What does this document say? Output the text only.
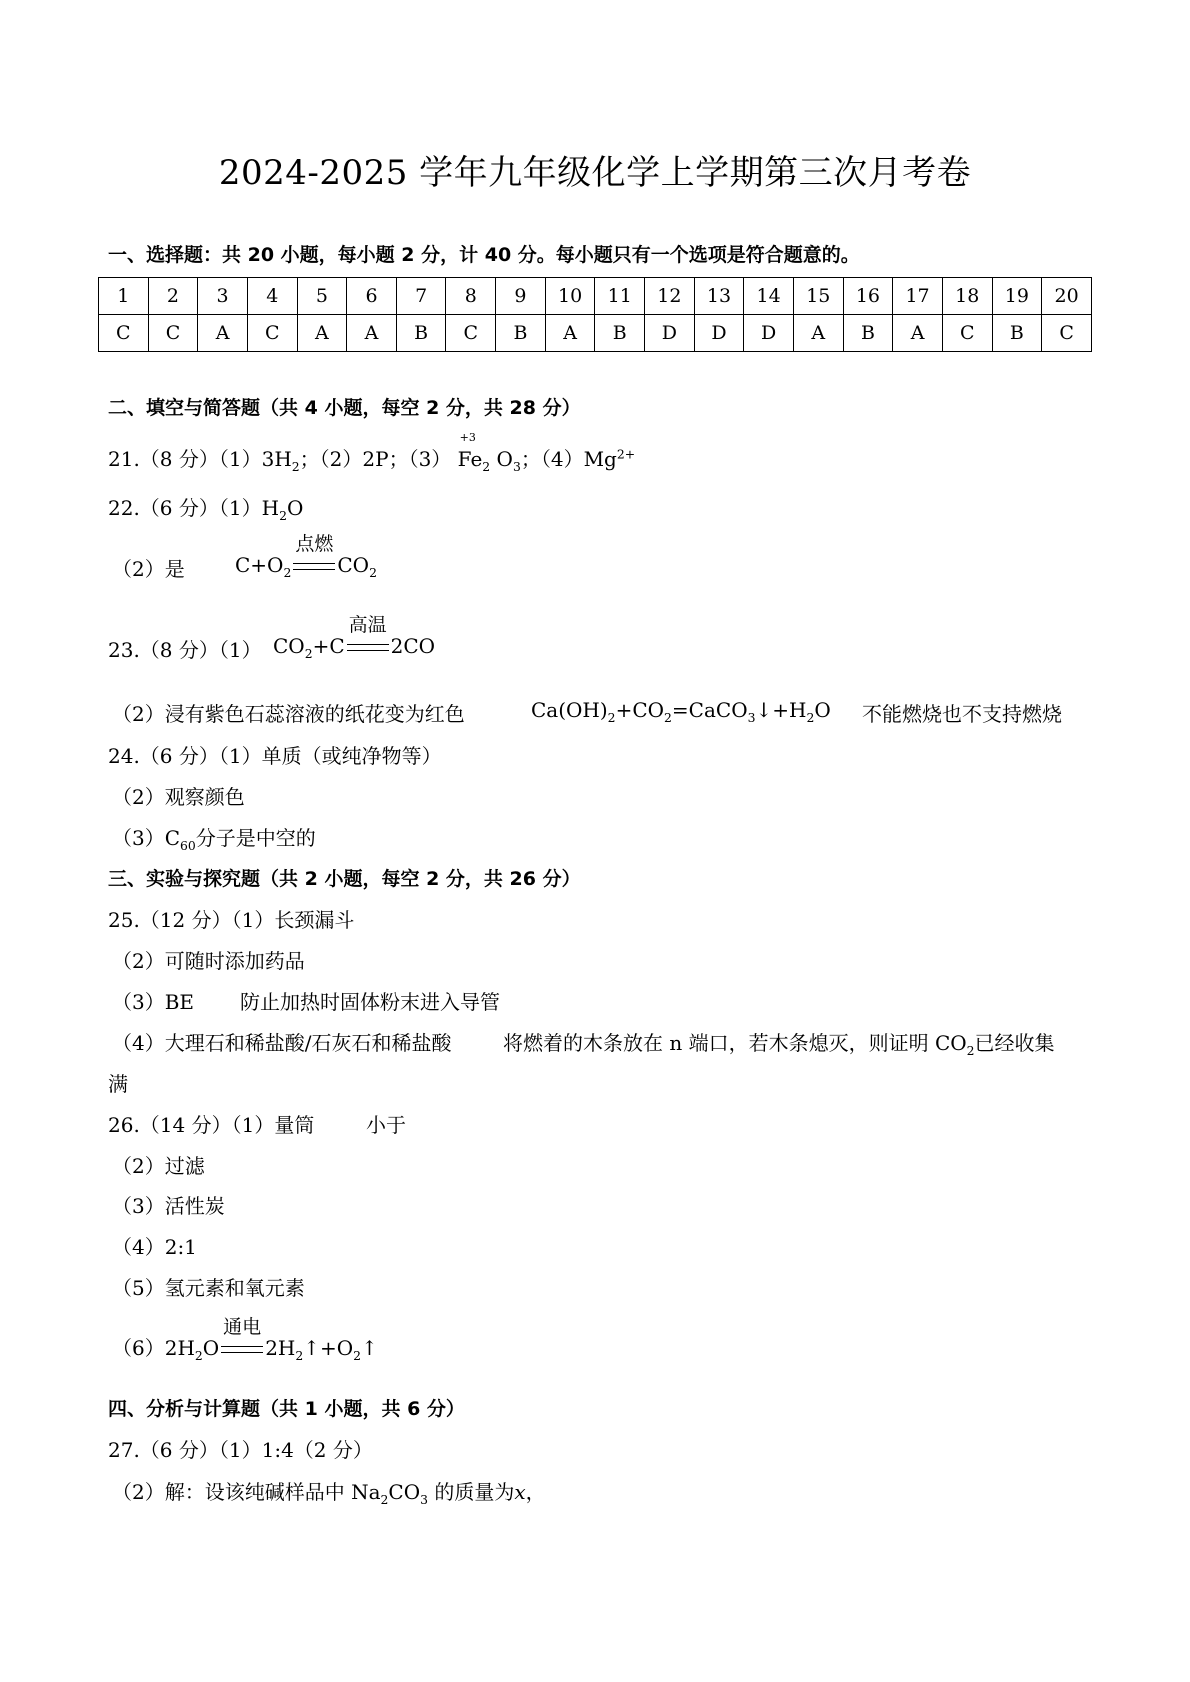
2024-2025 学年九年级化学上学期第三次月考卷
一、选择题：共 20 小题，每小题 2 分，计 40 分。每小题只有一个选项是符合题意的。
1	2	3	4	5	6	7	8	9	10	11	12	13	14	15	16	17	18	19	20
C	C	A	C	A	A	B	C	B	A	B	D	D	D	A	B	A	C	B	C
二、填空与简答题（共 4 小题，每空 2 分，共 28 分）
21.（8 分）$(1)3H_2$；（2）2P；（3）
+3
$Fe_2$ $O_3$；$(4)Mg^{2+}$
22.（6 分）$(1)H_2O$
（2）是	$C+O_2$
点燃
$CO_2$
23.（8 分）（1） $CO_2+C$
高温
2CO
（2）浸有紫色石蕊溶液的纸花变为红色	$Ca(OH)_2+CO_2=CaCO_3↓+H_2O$ 不能燃烧也不支持燃烧
24.（6 分）（1）单质（或纯净物等）
（2）观察颜色
$(3)C_{60}$分子是中空的
三、实验与探究题（共 2 小题，每空 2 分，共 26 分）
25.（12 分）（1）长颈漏斗
（2）可随时添加药品
（3）BE 防止加热时固体粉末进入导管
（4）大理石和稀盐酸/石灰石和稀盐酸	将燃着的木条放在 n 端口，若木条熄灭，则证明 $CO_2$已经收集
满
26.（14 分）（1）量筒	小于
（2）过滤
（3）活性炭
（4）2:1
（5）氢元素和氧元素
$(6)2H_2O$
通电
$2H_2↑+O_2↑$
四、分析与计算题（共 1 小题，共 6 分）
27.（6 分）（1）1:4（2 分）
（2）解：设该纯碱样品中 $Na_2CO_3$ 的质量为x，
